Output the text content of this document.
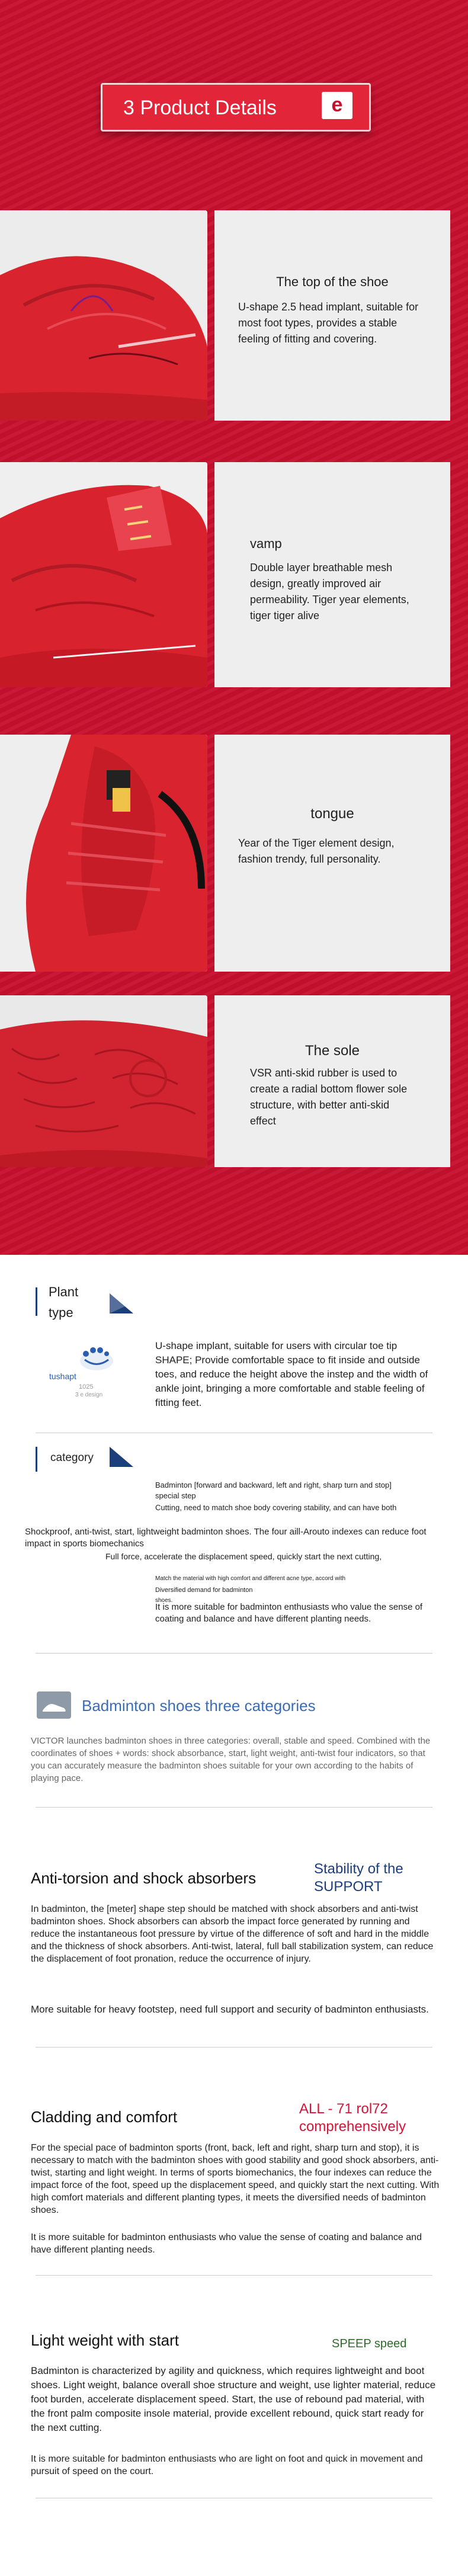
3 Product Details	e
The top of the shoe
U-shape 2.5 head implant, suitable for most foot types, provides a stable feeling of fitting and covering.
vamp
Double layer breathable mesh design, greatly improved air permeability. Tiger year elements, tiger tiger alive
tongue
Year of the Tiger element design, fashion trendy, full personality.
The sole
VSR anti-skid rubber is used to create a radial bottom flower sole structure, with better anti-skid effect
Plant
type
tushapt
1025
3 e design
U-shape implant, suitable for users with circular toe tip SHAPE; Provide comfortable space to fit inside and outside toes, and reduce the height above the instep and the width of ankle joint, bringing a more comfortable and stable feeling of fitting feet.
category
Badminton [forward and backward, left and right, sharp turn and stop] special step
Cutting, need to match shoe body covering stability, and can have both
Shockproof, anti-twist, start, lightweight badminton shoes. The four aill-Arouto indexes can reduce foot impact in sports biomechanics
Full force, accelerate the displacement speed, quickly start the next cutting,
Match the material with high comfort and different acne type, accord with
Diversified demand for badminton
shoes.
It is more suitable for badminton enthusiasts who value the sense of coating and balance and have different planting needs.
Badminton shoes three categories
VICTOR launches badminton shoes in three categories: overall, stable and speed. Combined with the coordinates of shoes + words: shock absorbance, start, light weight, anti-twist four indicators, so that you can accurately measure the badminton shoes suitable for your own according to the habits of playing pace.
Anti-torsion and shock absorbers
Stability of the SUPPORT
In badminton, the [meter] shape step should be matched with shock absorbers and anti-twist badminton shoes. Shock absorbers can absorb the impact force generated by running and reduce the instantaneous foot pressure by virtue of the difference of soft and hard in the middle and the thickness of shock absorbers. Anti-twist, lateral, full ball stabilization system, can reduce the displacement of foot pronation, reduce the occurrence of injury.
More suitable for heavy footstep, need full support and security of badminton enthusiasts.
Cladding and comfort	ALL - 71 rol72 comprehensively
For the special pace of badminton sports (front, back, left and right, sharp turn and stop), it is necessary to match with the badminton shoes with good stability and good shock absorbers, anti-twist, starting and light weight. In terms of sports biomechanics, the four indexes can reduce the impact force of the foot, speed up the displacement speed, and quickly start the next cutting. With high comfort materials and different planting types, it meets the diversified needs of badminton shoes.
It is more suitable for badminton enthusiasts who value the sense of coating and balance and have different planting needs.
Light weight with start	SPEEP speed
Badminton is characterized by agility and quickness, which requires lightweight and boot shoes. Light weight, balance overall shoe structure and weight, use lighter material, reduce foot burden, accelerate displacement speed. Start, the use of rebound pad material, with the front palm composite insole material, provide excellent rebound, quick start ready for the next cutting.
It is more suitable for badminton enthusiasts who are light on foot and quick in movement and pursuit of speed on the court.
